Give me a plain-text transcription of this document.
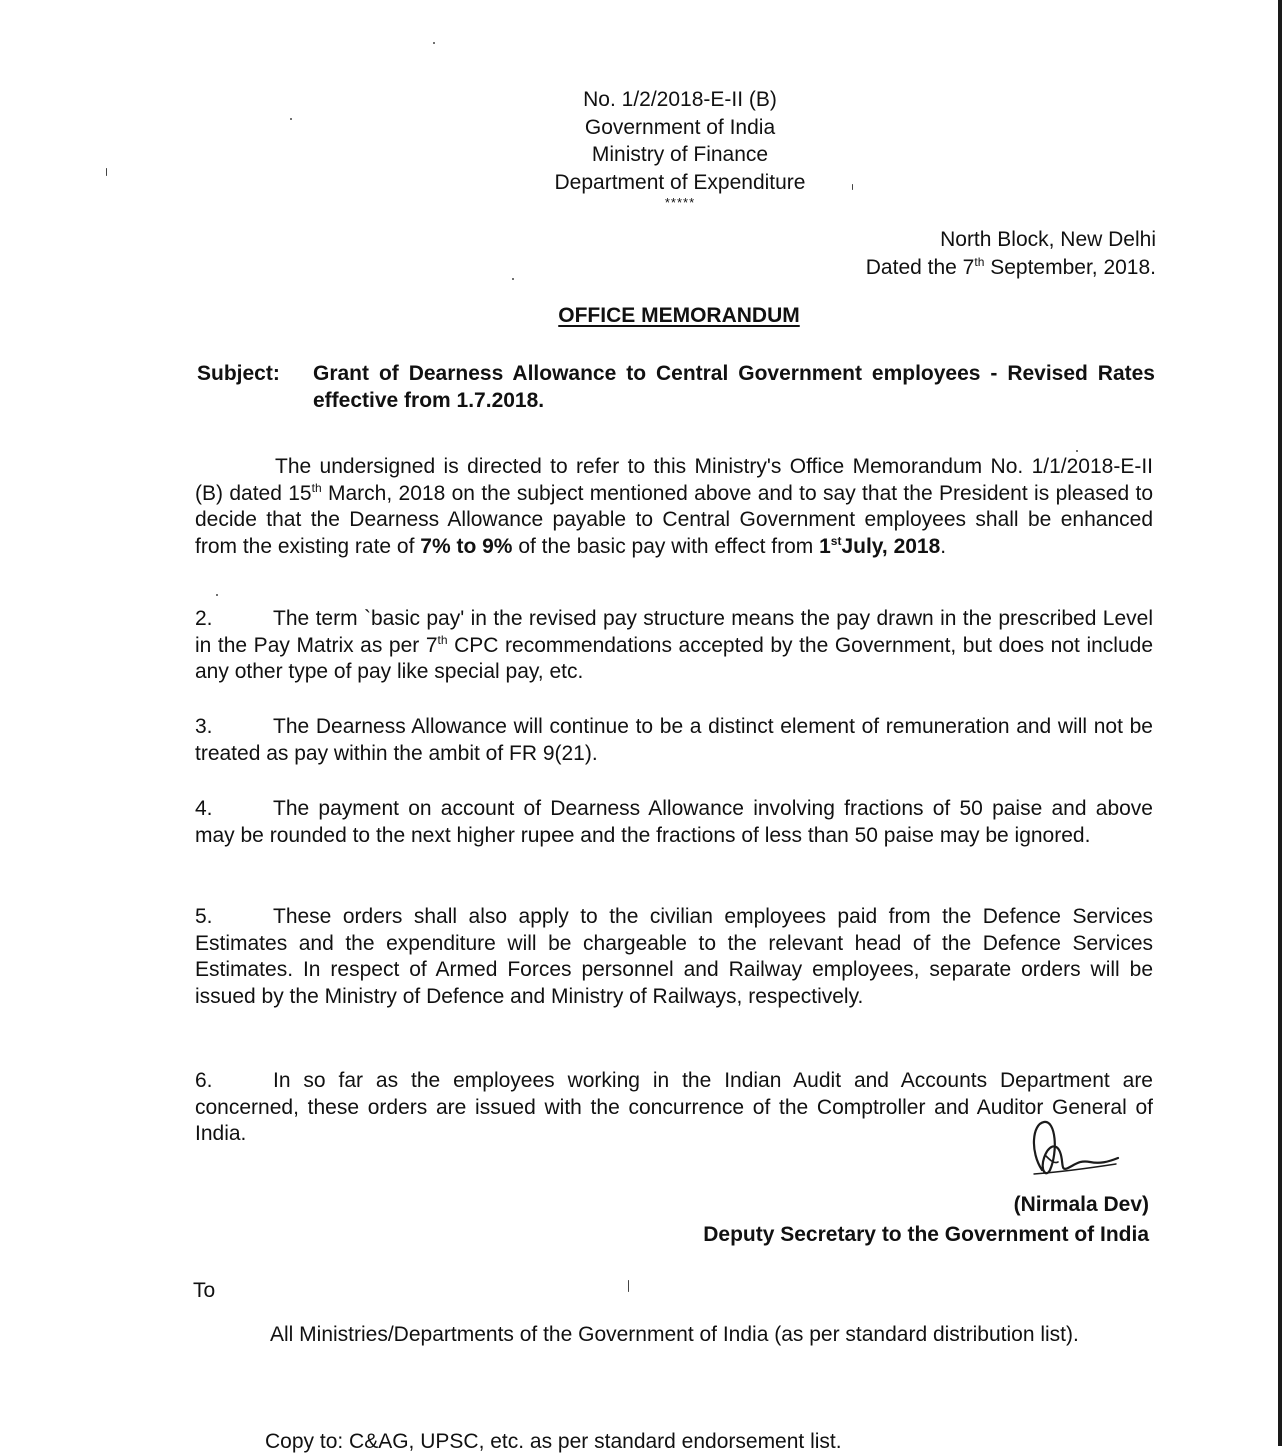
No. 1/2/2018-E-II (B)
Government of India
Ministry of Finance
Department of Expenditure
*****
North Block, New Delhi
Dated the 7th September, 2018.
OFFICE MEMORANDUM
Subject: Grant of Dearness Allowance to Central Government employees - Revised Rates effective from 1.7.2018.
The undersigned is directed to refer to this Ministry's Office Memorandum No. 1/1/2018-E-II (B) dated 15th March, 2018 on the subject mentioned above and to say that the President is pleased to decide that the Dearness Allowance payable to Central Government employees shall be enhanced from the existing rate of 7% to 9% of the basic pay with effect from 1stJuly, 2018.
2.	The term `basic pay' in the revised pay structure means the pay drawn in the prescribed Level in the Pay Matrix as per 7th CPC recommendations accepted by the Government, but does not include any other type of pay like special pay, etc.
3.	The Dearness Allowance will continue to be a distinct element of remuneration and will not be treated as pay within the ambit of FR 9(21).
4.	The payment on account of Dearness Allowance involving fractions of 50 paise and above may be rounded to the next higher rupee and the fractions of less than 50 paise may be ignored.
5.	These orders shall also apply to the civilian employees paid from the Defence Services Estimates and the expenditure will be chargeable to the relevant head of the Defence Services Estimates. In respect of Armed Forces personnel and Railway employees, separate orders will be issued by the Ministry of Defence and Ministry of Railways, respectively.
6.	In so far as the employees working in the Indian Audit and Accounts Department are concerned, these orders are issued with the concurrence of the Comptroller and Auditor General of India.
(Nirmala Dev)
Deputy Secretary to the Government of India
To
All Ministries/Departments of the Government of India (as per standard distribution list).
Copy to: C&AG, UPSC, etc. as per standard endorsement list.
